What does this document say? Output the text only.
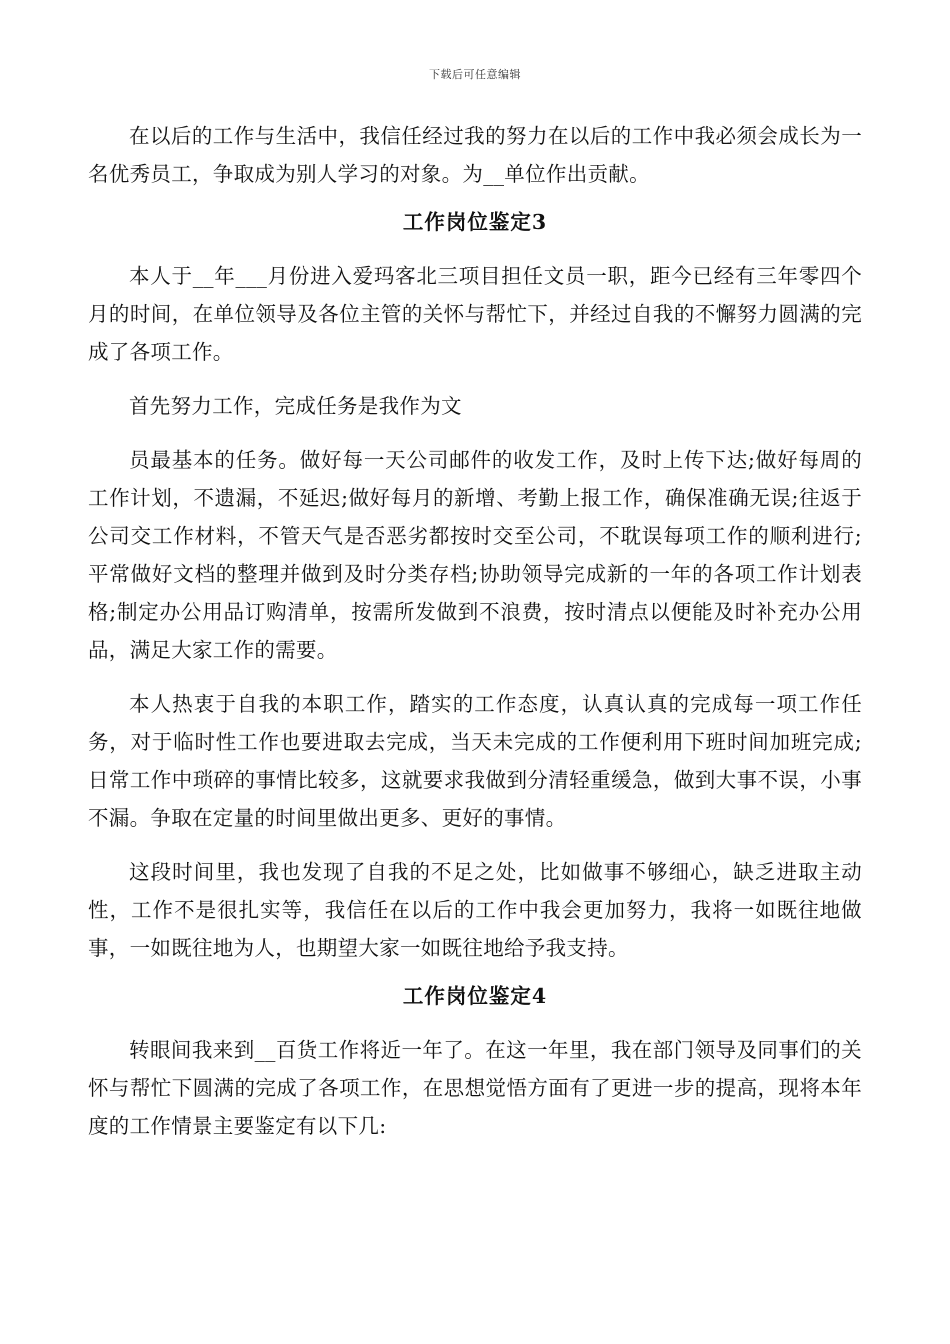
下载后可任意编辑

在以后的工作与生活中，我信任经过我的努力在以后的工作中我必须会成长为一名优秀员工，争取成为别人学习的对象。为__单位作出贡献。

工作岗位鉴定3

本人于__年___月份进入爱玛客北三项目担任文员一职，距今已经有三年零四个月的时间，在单位领导及各位主管的关怀与帮忙下，并经过自我的不懈努力圆满的完成了各项工作。

首先努力工作，完成任务是我作为文

员最基本的任务。做好每一天公司邮件的收发工作，及时上传下达;做好每周的工作计划，不遗漏，不延迟;做好每月的新增、考勤上报工作，确保准确无误;往返于公司交工作材料，不管天气是否恶劣都按时交至公司，不耽误每项工作的顺利进行;平常做好文档的整理并做到及时分类存档;协助领导完成新的一年的各项工作计划表格;制定办公用品订购清单，按需所发做到不浪费，按时清点以便能及时补充办公用品，满足大家工作的需要。

本人热衷于自我的本职工作，踏实的工作态度，认真认真的完成每一项工作任务，对于临时性工作也要进取去完成，当天未完成的工作便利用下班时间加班完成;日常工作中琐碎的事情比较多，这就要求我做到分清轻重缓急，做到大事不误，小事不漏。争取在定量的时间里做出更多、更好的事情。

这段时间里，我也发现了自我的不足之处，比如做事不够细心，缺乏进取主动性，工作不是很扎实等，我信任在以后的工作中我会更加努力，我将一如既往地做事，一如既往地为人，也期望大家一如既往地给予我支持。

工作岗位鉴定4

转眼间我来到__百货工作将近一年了。在这一年里，我在部门领导及同事们的关怀与帮忙下圆满的完成了各项工作，在思想觉悟方面有了更进一步的提高，现将本年度的工作情景主要鉴定有以下几:
